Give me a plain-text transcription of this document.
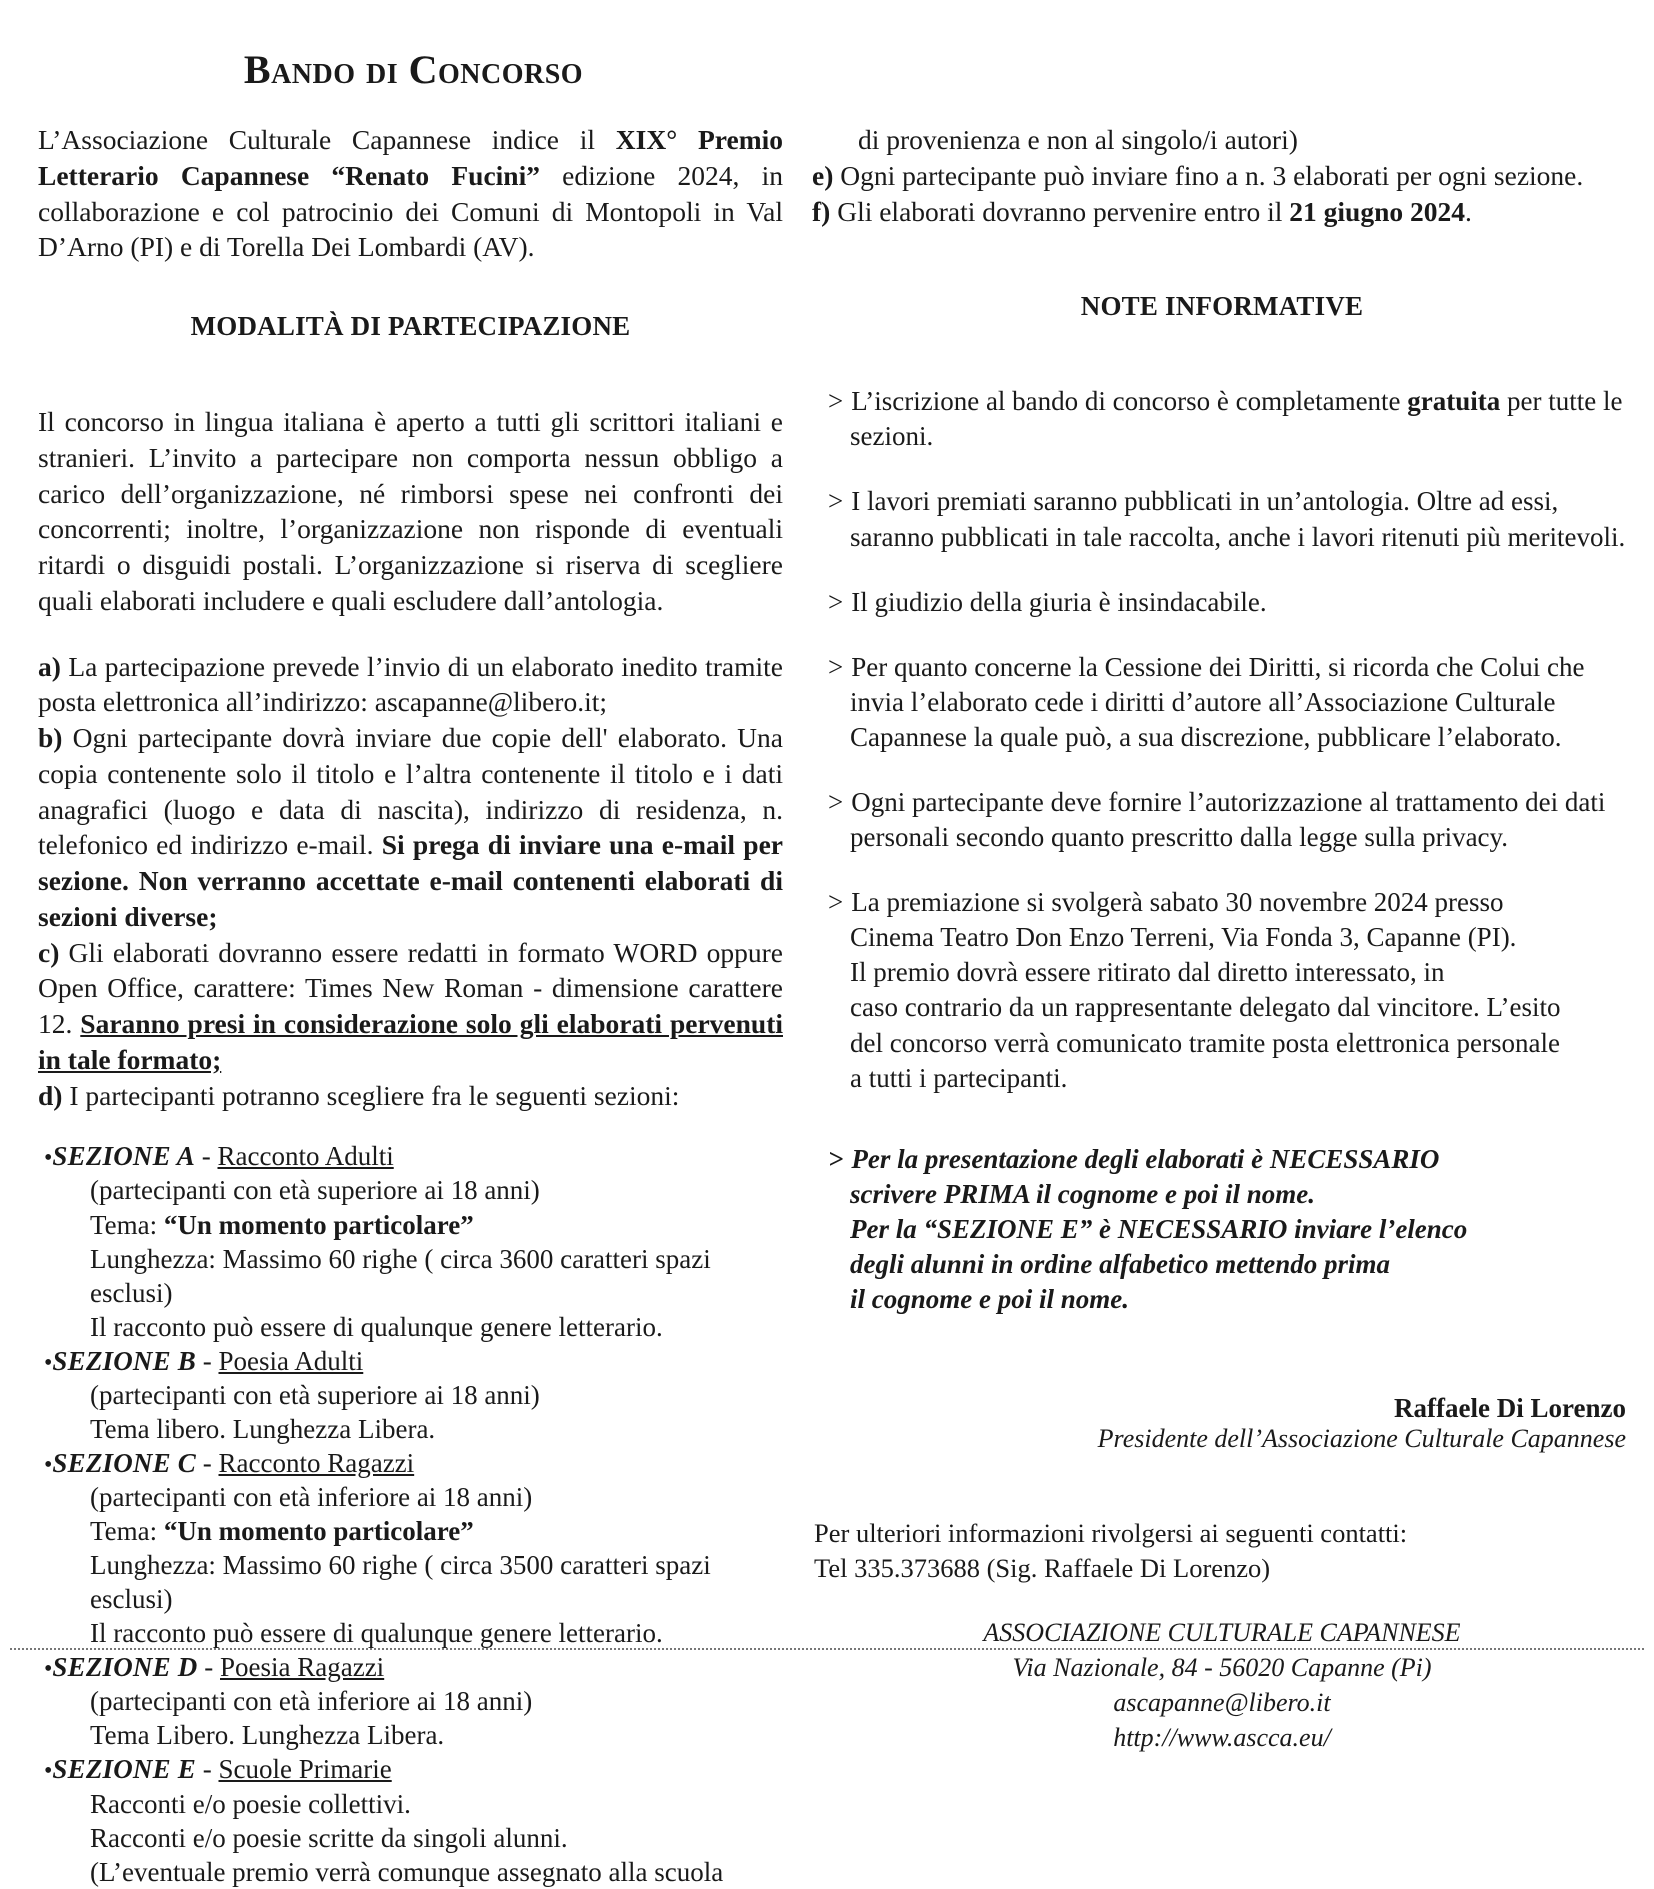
Bando di Concorso

L’Associazione Culturale Capannese indice il XIX° Premio Letterario Capannese “Renato Fucini” edizione 2024, in collaborazione e col patrocinio dei Comuni di Montopoli in Val D’Arno (PI) e di Torella Dei Lombardi (AV).

MODALITÀ DI PARTECIPAZIONE

Il concorso in lingua italiana è aperto a tutti gli scrittori italiani e stranieri. L’invito a partecipare non comporta nessun obbligo a carico dell’organizzazione, né rimborsi spese nei confronti dei concorrenti; inoltre, l’organizzazione non risponde di eventuali ritardi o disguidi postali. L’organizzazione si riserva di scegliere quali elaborati includere e quali escludere dall’antologia.

a) La partecipazione prevede l’invio di un elaborato inedito tramite posta elettronica all’indirizzo: ascapanne@libero.it;

b) Ogni partecipante dovrà inviare due copie dell' elaborato. Una copia contenente solo il titolo e l’altra contenente il titolo e i dati anagrafici (luogo e data di nascita), indirizzo di residenza, n. telefonico ed indirizzo e-mail. Si prega di inviare una e-mail per sezione. Non verranno accettate e-mail contenenti elaborati di sezioni diverse;

c) Gli elaborati dovranno essere redatti in formato WORD oppure Open Office, carattere: Times New Roman - dimensione carattere 12. Saranno presi in considerazione solo gli elaborati pervenuti in tale formato;

d) I partecipanti potranno scegliere fra le seguenti sezioni:

•SEZIONE A - Racconto Adulti
(partecipanti con età superiore ai 18 anni)
Tema: “Un momento particolare”
Lunghezza: Massimo 60 righe ( circa 3600 caratteri spazi esclusi)
Il racconto può essere di qualunque genere letterario.
•SEZIONE B - Poesia Adulti
(partecipanti con età superiore ai 18 anni)
Tema libero. Lunghezza Libera.
•SEZIONE C - Racconto Ragazzi
(partecipanti con età inferiore ai 18 anni)
Tema: “Un momento particolare”
Lunghezza: Massimo 60 righe ( circa 3500 caratteri spazi esclusi)
Il racconto può essere di qualunque genere letterario.
•SEZIONE D - Poesia Ragazzi
(partecipanti con età inferiore ai 18 anni)
Tema Libero. Lunghezza Libera.
•SEZIONE E - Scuole Primarie
Racconti e/o poesie collettivi.
Racconti e/o poesie scritte da singoli alunni.
(L’eventuale premio verrà comunque assegnato alla scuola

di provenienza e non al singolo/i autori)

e) Ogni partecipante può inviare fino a n. 3 elaborati per ogni sezione.

f) Gli elaborati dovranno pervenire entro il 21 giugno 2024.

NOTE INFORMATIVE

> L’iscrizione al bando di concorso è completamente gratuita per tutte le sezioni.

> I lavori premiati saranno pubblicati in un’antologia. Oltre ad essi, saranno pubblicati in tale raccolta, anche i lavori ritenuti più meritevoli.

> Il giudizio della giuria è insindacabile.

> Per quanto concerne la Cessione dei Diritti, si ricorda che Colui che invia l’elaborato cede i diritti d’autore all’Associazione Culturale Capannese la quale può, a sua discrezione, pubblicare l’elaborato.

> Ogni partecipante deve fornire l’autorizzazione al trattamento dei dati personali secondo quanto prescritto dalla legge sulla privacy.

> La premiazione si svolgerà sabato 30 novembre 2024 presso
Cinema Teatro Don Enzo Terreni, Via Fonda 3, Capanne (PI).
Il premio dovrà essere ritirato dal diretto interessato, in
caso contrario da un rappresentante delegato dal vincitore. L’esito
del concorso verrà comunicato tramite posta elettronica personale
a tutti i partecipanti.
> Per la presentazione degli elaborati è NECESSARIO
scrivere PRIMA il cognome e poi il nome.
Per la “SEZIONE E” è NECESSARIO inviare l’elenco
degli alunni in ordine alfabetico mettendo prima
il cognome e poi il nome.
Raffaele Di Lorenzo
Presidente dell’Associazione Culturale Capannese
Per ulteriori informazioni rivolgersi ai seguenti contatti:
Tel 335.373688 (Sig. Raffaele Di Lorenzo)
ASSOCIAZIONE CULTURALE CAPANNESE
Via Nazionale, 84 - 56020 Capanne (Pi)
ascapanne@libero.it
http://www.ascca.eu/
